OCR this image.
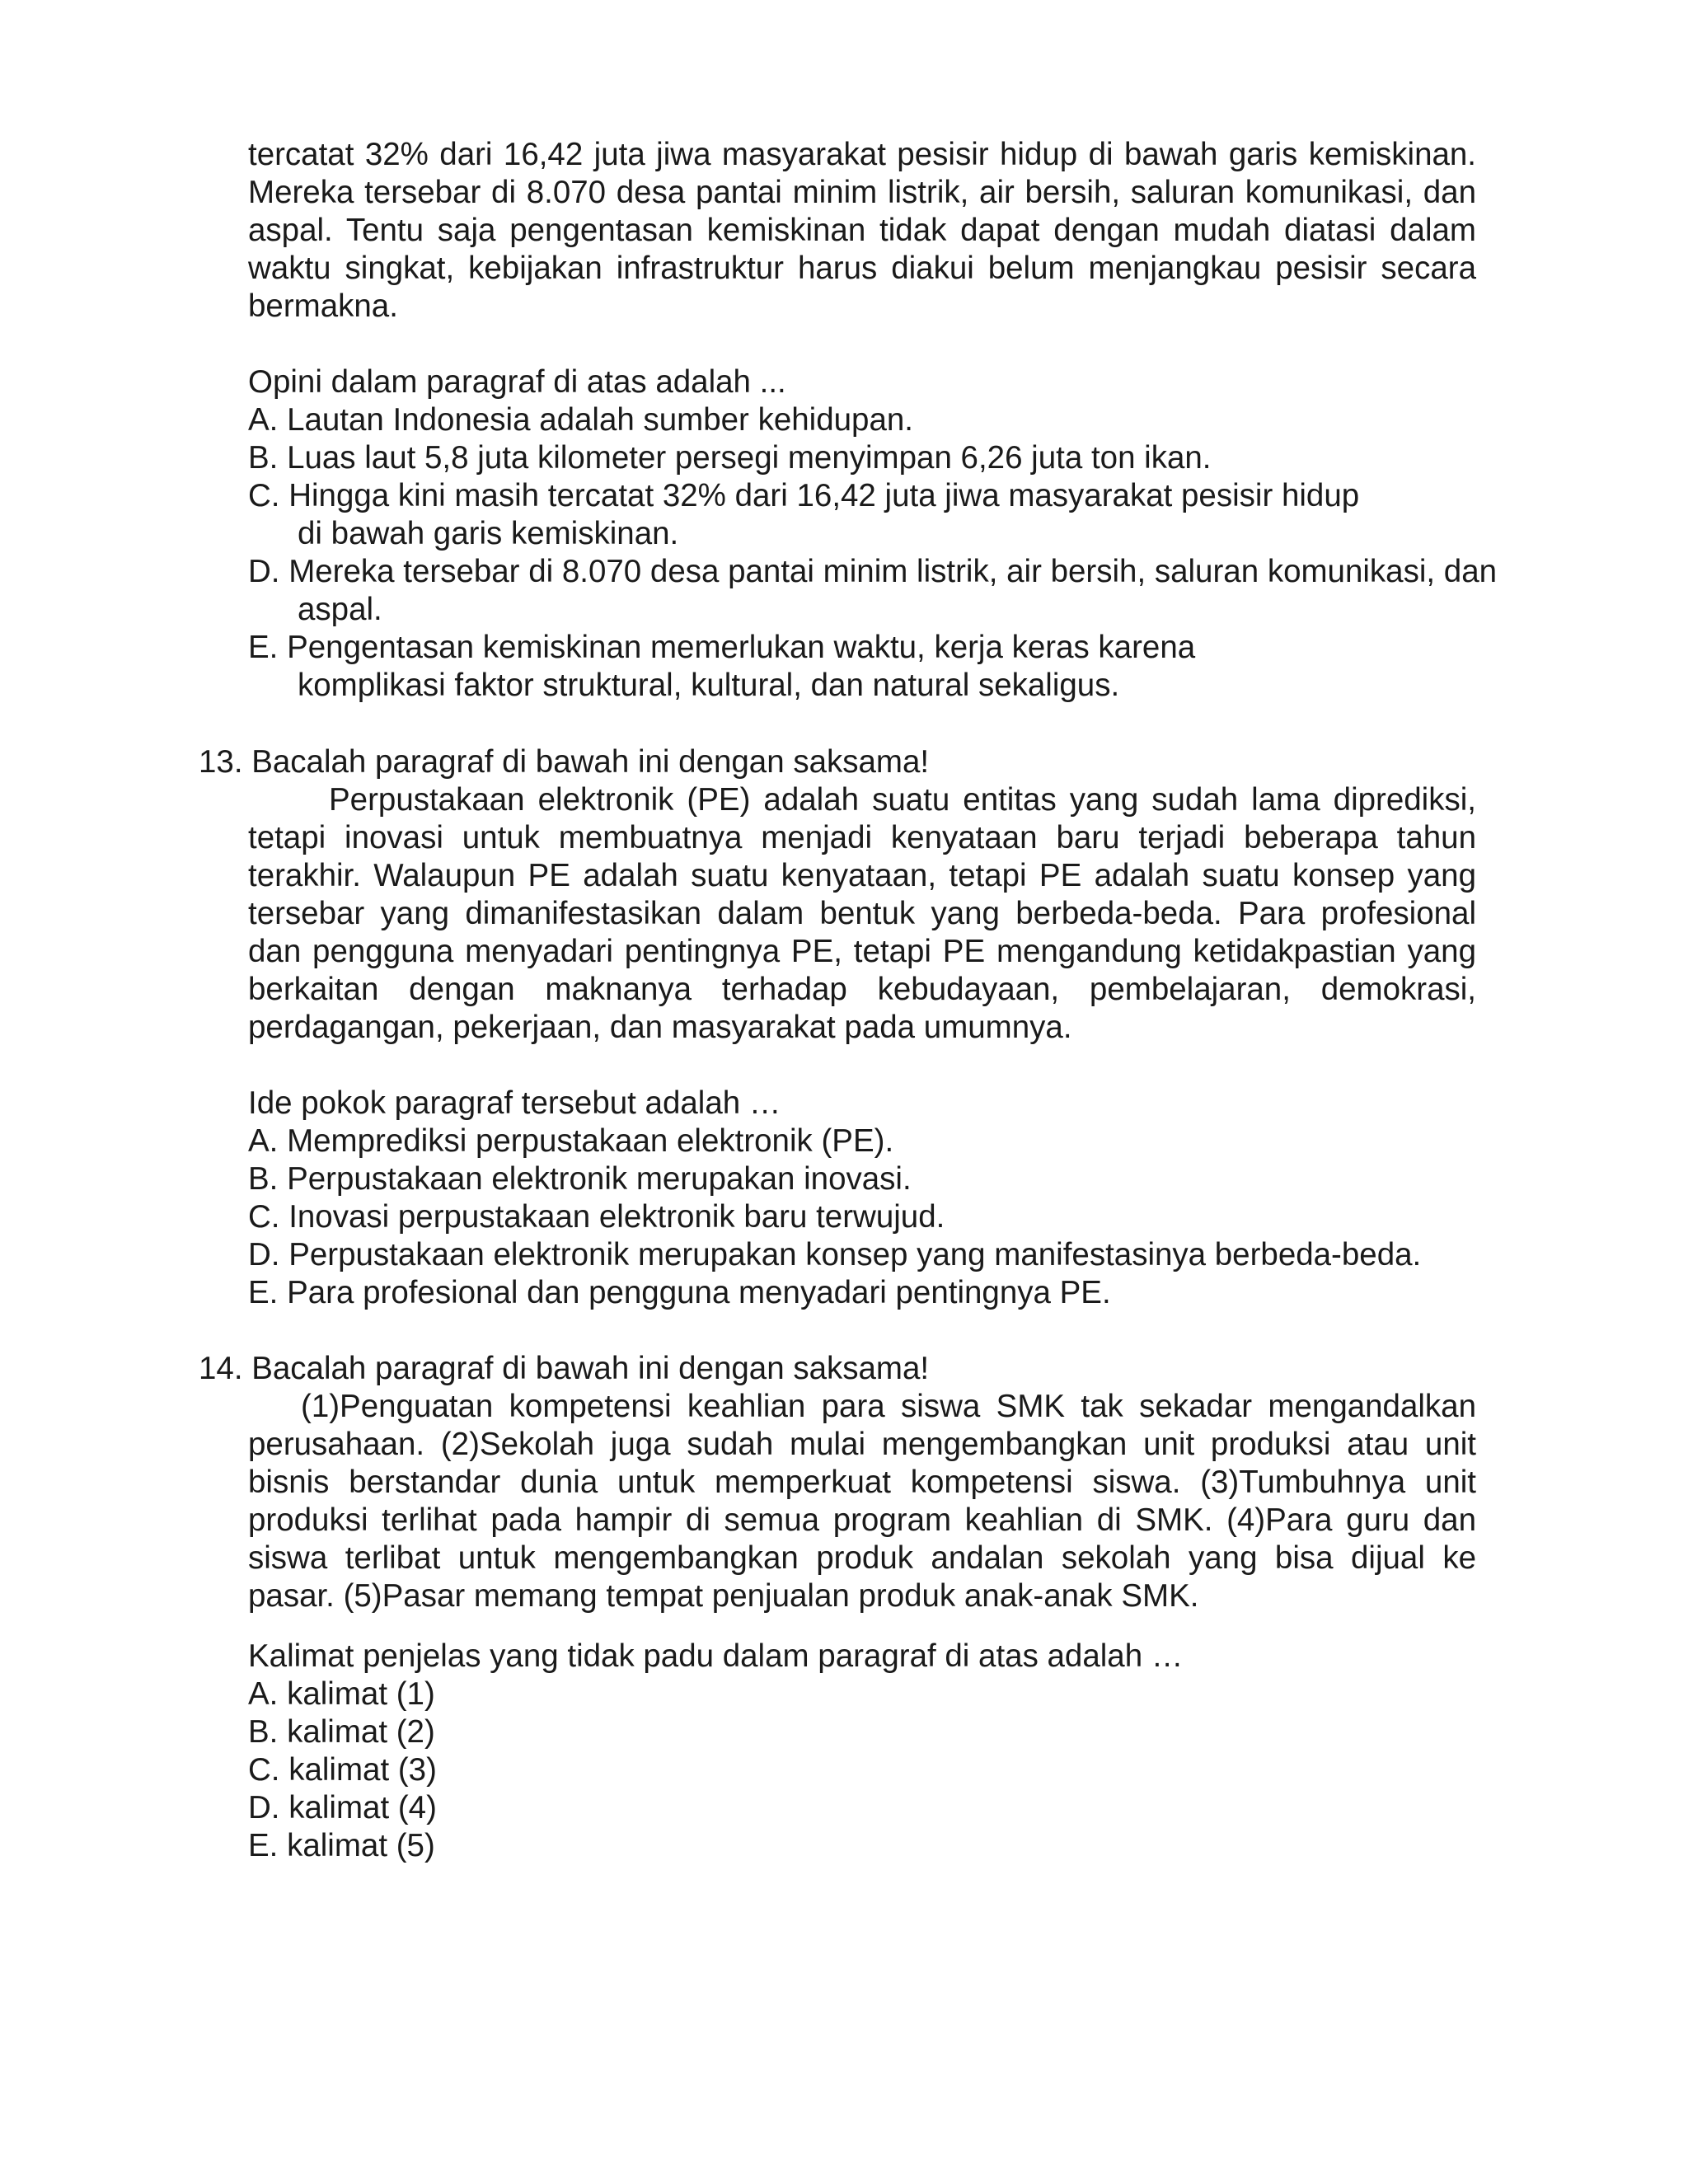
tercatat 32% dari 16,42 juta jiwa masyarakat pesisir hidup di bawah garis kemiskinan. Mereka tersebar di 8.070 desa pantai minim listrik, air bersih, saluran komunikasi, dan aspal. Tentu saja pengentasan kemiskinan tidak dapat dengan mudah diatasi dalam waktu singkat, kebijakan infrastruktur harus diakui belum menjangkau pesisir secara bermakna.

Opini dalam paragraf di atas adalah ...

A. Lautan Indonesia adalah sumber kehidupan.

B. Luas laut 5,8 juta kilometer persegi menyimpan 6,26 juta ton ikan.

C. Hingga kini masih tercatat 32% dari 16,42 juta jiwa masyarakat pesisir hidup di bawah garis kemiskinan.

D. Mereka tersebar di 8.070 desa pantai minim listrik, air bersih, saluran komunikasi, dan aspal.

E. Pengentasan kemiskinan memerlukan waktu, kerja keras karena komplikasi faktor struktural, kultural, dan natural sekaligus.

13. Bacalah paragraf di bawah ini dengan saksama!

Perpustakaan elektronik (PE) adalah suatu entitas yang sudah lama diprediksi, tetapi inovasi untuk membuatnya menjadi kenyataan baru terjadi beberapa tahun terakhir. Walaupun PE adalah suatu kenyataan, tetapi PE adalah suatu konsep yang tersebar yang dimanifestasikan dalam bentuk yang berbeda-beda. Para profesional dan pengguna menyadari pentingnya PE, tetapi PE mengandung ketidakpastian yang berkaitan dengan maknanya terhadap kebudayaan, pembelajaran, demokrasi, perdagangan, pekerjaan, dan masyarakat pada umumnya.

Ide pokok paragraf tersebut adalah …

A. Memprediksi perpustakaan elektronik (PE).

B. Perpustakaan elektronik merupakan inovasi.

C. Inovasi perpustakaan elektronik baru terwujud.

D. Perpustakaan elektronik merupakan konsep yang manifestasinya berbeda-beda.

E. Para profesional dan pengguna menyadari pentingnya PE.

14. Bacalah paragraf di bawah ini dengan saksama!

(1)Penguatan kompetensi keahlian para siswa SMK tak sekadar mengandalkan perusahaan. (2)Sekolah juga sudah mulai mengembangkan unit produksi atau unit bisnis berstandar dunia untuk memperkuat kompetensi siswa. (3)Tumbuhnya unit produksi terlihat pada hampir di semua program keahlian di SMK. (4)Para guru dan siswa terlibat untuk mengembangkan produk andalan sekolah yang bisa dijual ke pasar. (5)Pasar memang tempat penjualan produk anak-anak SMK.

Kalimat penjelas yang tidak padu dalam paragraf di atas adalah …

A. kalimat (1)

B. kalimat (2)

C. kalimat (3)

D. kalimat (4)

E. kalimat (5)
